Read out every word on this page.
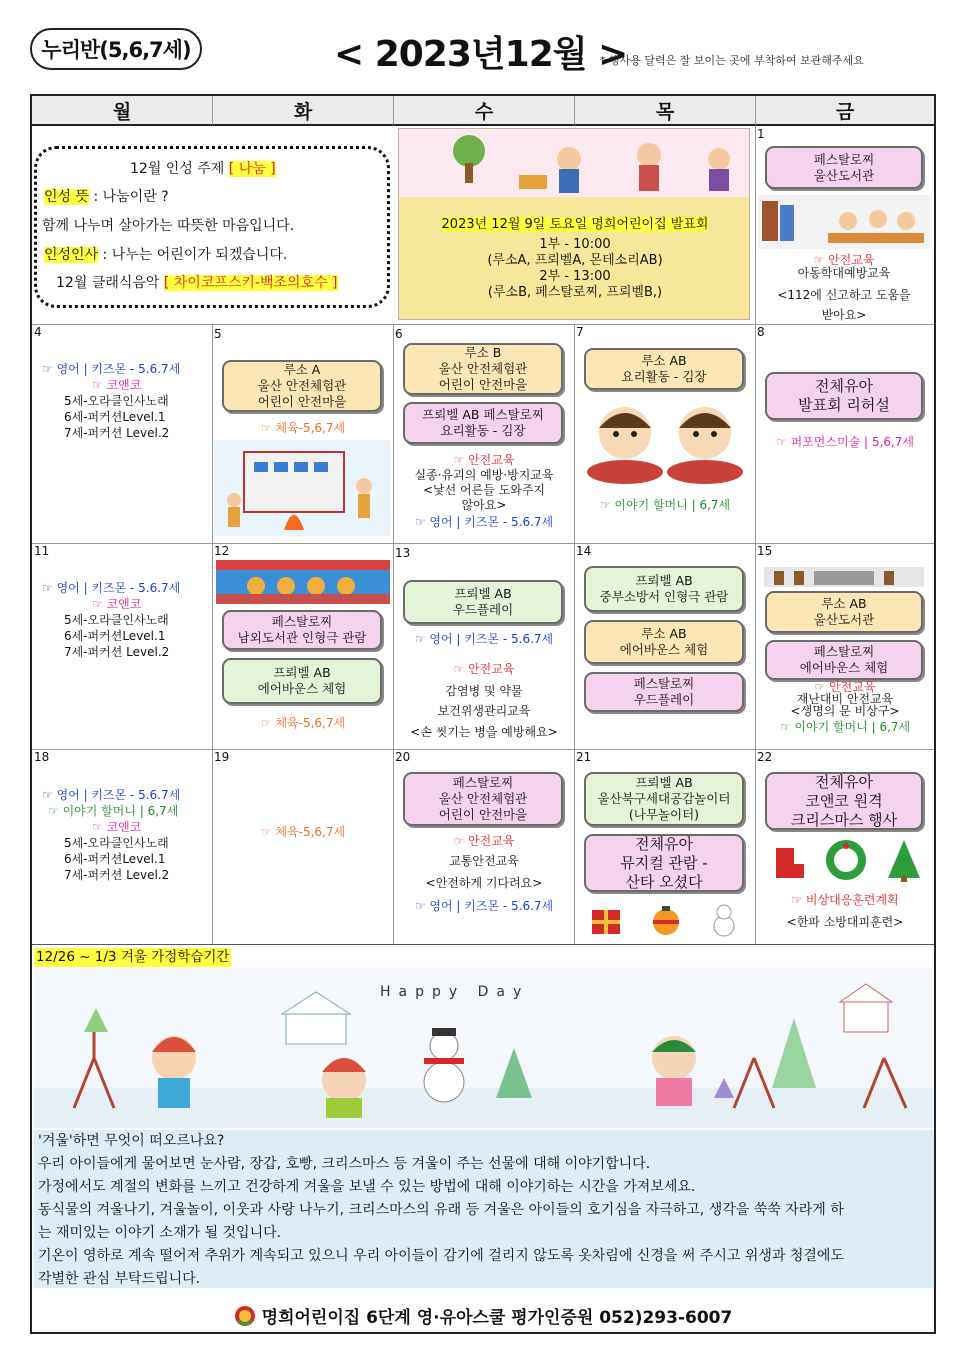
누리반(5,6,7세)	< 2023년12월 >
* 행사용 달력은 잘 보이는 곳에 부착하여 보관해주세요
월	화	수	목	금
12월 인성 주제 [ 나눔 ]
인성 뜻 : 나눔이란 ?
함께 나누며 살아가는 따뜻한 마음입니다.
인성인사 : 나누는 어린이가 되겠습니다.
12월 클래식음악 [ 차이코프스키-백조의호수 ]
2023년 12월 9일 토요일 명희어린이집 발표회
1부 - 10:00
(루소A, 프뢰벨A, 몬테소리AB)
2부 - 13:00
(루소B, 페스탈로찌, 프뢰벨B,)
1
페스탈로찌
울산도서관
☞ 안전교육
아동학대예방교육
<112에 신고하고 도움을
받아요>
4
☞ 영어 | 키즈몬 - 5.6.7세
☞ 코앤코
5세-오라클인사노래
6세-퍼커션Level.1
7세-퍼커션 Level.2
5
루소 A
울산 안전체험관
어린이 안전마을
☞ 체육-5,6,7세
6
루소 B
울산 안전체험관
어린이 안전마을
프뢰벨 AB 페스탈로찌
요리활동 - 김장
☞ 안전교육
실종·유괴의 예방·방지교육
<낯선 어른들 도와주지
않아요>
☞ 영어 | 키즈몬 - 5.6.7세
7
루소 AB
요리활동 - 김장
☞ 이야기 할머니 | 6,7세
8
전체유아
발표회 리허설
☞ 퍼포먼스미술 | 5,6,7세
11
☞ 영어 | 키즈몬 - 5.6.7세
☞ 코앤코
5세-오라클인사노래
6세-퍼커션Level.1
7세-퍼커션 Level.2
12
페스탈로찌
남외도서관 인형극 관람
프뢰벨 AB
에어바운스 체험
☞ 체육-5,6,7세
13
프뢰벨 AB
우드플레이
☞ 영어 | 키즈몬 - 5.6.7세
☞ 안전교육
감염병 및 약물
보건위생관리교육
<손 씻기는 병을 예방해요>
14
프뢰벨 AB
중부소방서 인형극 관람
루소 AB
에어바운스 체험
페스탈로찌
우드플레이
15
루소 AB
울산도서관
페스탈로찌
에어바운스 체험
☞ 안전교육
재난대비 안전교육
<생명의 문 비상구>
☞ 이야기 할머니 | 6,7세
18
☞ 영어 | 키즈몬 - 5.6.7세
☞ 이야기 할머니 | 6,7세
☞ 코앤코
5세-오라클인사노래
6세-퍼커션Level.1
7세-퍼커션 Level.2
19
☞ 체육-5,6,7세
20
페스탈로찌
울산 안전체험관
어린이 안전마을
☞ 안전교육
교통안전교육
<안전하게 기다려요>
☞ 영어 | 키즈몬 - 5.6.7세
21
프뢰벨 AB
울산북구세대공감놀이터
(나무놀이터)
전체유아
뮤지컬 관람 -
산타 오셨다
22
전체유아
코앤코 원격
크리스마스 행사
☞ 비상대응훈련계획
<한파 소방대피훈련>
12/26 ~ 1/3 겨울 가정학습기간
Happy Day

'겨울'하면 무엇이 떠오르나요?

우리 아이들에게 물어보면 눈사람, 장갑, 호빵, 크리스마스 등 겨울이 주는 선물에 대해 이야기합니다.

가정에서도 계절의 변화를 느끼고 건강하게 겨울을 보낼 수 있는 방법에 대해 이야기하는 시간을 가져보세요.

동식물의 겨울나기, 겨울놀이, 이웃과 사랑 나누기, 크리스마스의 유래 등 겨울은 아이들의 호기심을 자극하고, 생각을 쑥쑥 자라게 하

는 재미있는 이야기 소재가 될 것입니다.

기온이 영하로 계속 떨어져 추위가 계속되고 있으니 우리 아이들이 감기에 걸리지 않도록 옷차림에 신경을 써 주시고 위생과 청결에도

각별한 관심 부탁드립니다.

명희어린이집 6단계 영·유아스쿨 평가인증원 052)293-6007
